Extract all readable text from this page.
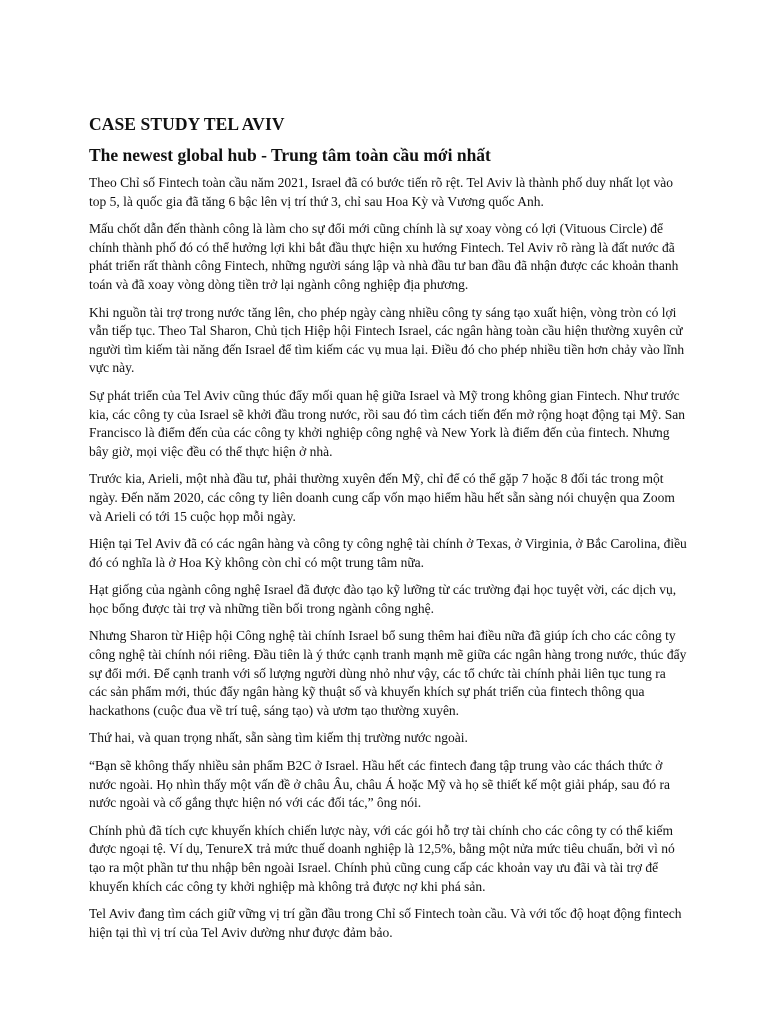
CASE STUDY TEL AVIV
The newest global hub - Trung tâm toàn cầu mới nhất

Theo Chỉ số Fintech toàn cầu năm 2021, Israel đã có bước tiến rõ rệt. Tel Aviv là thành phố duy nhất lọt vào top 5, là quốc gia đã tăng 6 bậc lên vị trí thứ 3, chỉ sau Hoa Kỳ và Vương quốc Anh.

Mấu chốt dẫn đến thành công là làm cho sự đổi mới cũng chính là sự xoay vòng có lợi (Vituous Circle) để chính thành phố đó có thể hưởng lợi khi bắt đầu thực hiện xu hướng Fintech. Tel Aviv rõ ràng là đất nước đã phát triển rất thành công Fintech, những người sáng lập và nhà đầu tư ban đầu đã nhận được các khoản thanh toán và đã xoay vòng dòng tiền trở lại ngành công nghiệp địa phương.

Khi nguồn tài trợ trong nước tăng lên, cho phép ngày càng nhiều công ty sáng tạo xuất hiện, vòng tròn có lợi vẫn tiếp tục. Theo Tal Sharon, Chủ tịch Hiệp hội Fintech Israel, các ngân hàng toàn cầu hiện thường xuyên cử người tìm kiếm tài năng đến Israel để tìm kiếm các vụ mua lại. Điều đó cho phép nhiều tiền hơn chảy vào lĩnh vực này.

Sự phát triển của Tel Aviv cũng thúc đẩy mối quan hệ giữa Israel và Mỹ trong không gian Fintech. Như trước kia, các công ty của Israel sẽ khởi đầu trong nước, rồi sau đó tìm cách tiến đến mở rộng hoạt động tại Mỹ. San Francisco là điểm đến của các công ty khởi nghiệp công nghệ và New York là điểm đến của fintech. Nhưng bây giờ, mọi việc đều có thể thực hiện ở nhà.

Trước kia, Arieli, một nhà đầu tư, phải thường xuyên đến Mỹ, chỉ để có thể gặp 7 hoặc 8 đối tác trong một ngày. Đến năm 2020, các công ty liên doanh cung cấp vốn mạo hiểm hầu hết sẵn sàng nói chuyện qua Zoom và Arieli có tới 15 cuộc họp mỗi ngày.

Hiện tại Tel Aviv đã có các ngân hàng và công ty công nghệ tài chính ở Texas, ở Virginia, ở Bắc Carolina, điều đó có nghĩa là ở Hoa Kỳ không còn chỉ có một trung tâm nữa.

Hạt giống của ngành công nghệ Israel đã được đào tạo kỹ lưỡng từ các trường đại học tuyệt vời, các dịch vụ, học bổng được tài trợ và những tiền bối trong ngành công nghệ.

Nhưng Sharon từ Hiệp hội Công nghệ tài chính Israel bổ sung thêm hai điều nữa đã giúp ích cho các công ty công nghệ tài chính nói riêng. Đầu tiên là ý thức cạnh tranh mạnh mẽ giữa các ngân hàng trong nước, thúc đẩy sự đổi mới. Để cạnh tranh với số lượng người dùng nhỏ như vậy, các tổ chức tài chính phải liên tục tung ra các sản phẩm mới, thúc đẩy ngân hàng kỹ thuật số và khuyến khích sự phát triển của fintech thông qua hackathons (cuộc đua về trí tuệ, sáng tạo) và ươm tạo thường xuyên.

Thứ hai, và quan trọng nhất, sẵn sàng tìm kiếm thị trường nước ngoài.

“Bạn sẽ không thấy nhiều sản phẩm B2C ở Israel. Hầu hết các fintech đang tập trung vào các thách thức ở nước ngoài. Họ nhìn thấy một vấn đề ở châu Âu, châu Á hoặc Mỹ và họ sẽ thiết kế một giải pháp, sau đó ra nước ngoài và cố gắng thực hiện nó với các đối tác,” ông nói.

Chính phủ đã tích cực khuyến khích chiến lược này, với các gói hỗ trợ tài chính cho các công ty có thể kiếm được ngoại tệ. Ví dụ, TenureX trả mức thuế doanh nghiệp là 12,5%, bằng một nửa mức tiêu chuẩn, bởi vì nó tạo ra một phần tư thu nhập bên ngoài Israel. Chính phủ cũng cung cấp các khoản vay ưu đãi và tài trợ để khuyến khích các công ty khởi nghiệp mà không trả được nợ khi phá sản.

Tel Aviv đang tìm cách giữ vững vị trí gần đầu trong Chỉ số Fintech toàn cầu. Và với tốc độ hoạt động fintech hiện tại thì vị trí của Tel Aviv dường như được đảm bảo.
